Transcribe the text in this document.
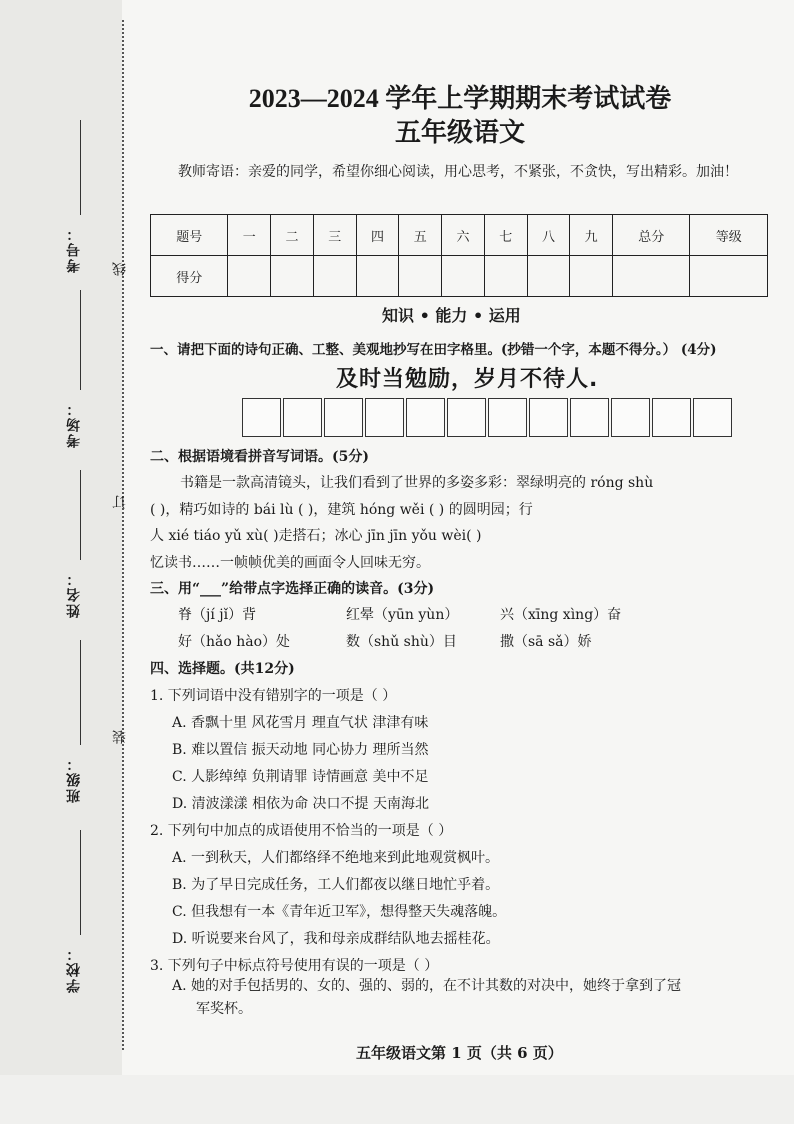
考号：
考场：
姓名：
班级：
学校：
线
订
装
2023—2024 学年上学期期末考试试卷
五年级语文
教师寄语：亲爱的同学，希望你细心阅读，用心思考，不紧张，不贪快，写出精彩。加油！
题号	一	二	三	四	五	六	七	八	九	总分	等级
得分											
知识 • 能力 • 运用
一、请把下面的诗句正确、工整、美观地抄写在田字格里。(抄错一个字，本题不得分。） (4分)
及时当勉励，岁月不待人.
二、根据语境看拼音写词语。(5分)
书籍是一款高清镜头，让我们看到了世界的多姿多彩：翠绿明亮的 róng shù
( )，精巧如诗的 bái lù ( )，建筑 hóng wěi ( ) 的圆明园；行
人 xié tiáo yǔ xù( )走搭石；冰心 jīn jīn yǒu wèi( )
忆读书……一帧帧优美的画面令人回味无穷。
三、用“___”给带点字选择正确的读音。(3分)
脊（jí jǐ）背	红晕（yūn yùn）	兴（xīng xìng）奋
好（hǎo hào）处	数（shǔ shù）目	撒（sā sǎ）娇
四、选择题。(共12分)
1. 下列词语中没有错别字的一项是（ ）
A. 香飘十里 风花雪月 理直气状 津津有味
B. 难以置信 振天动地 同心协力 理所当然
C. 人影绰绰 负荆请罪 诗情画意 美中不足
D. 清波漾漾 相依为命 决口不提 天南海北
2. 下列句中加点的成语使用不恰当的一项是（ ）
A. 一到秋天，人们都络绎不绝地来到此地观赏枫叶。
B. 为了早日完成任务，工人们都夜以继日地忙乎着。
C. 但我想有一本《青年近卫军》，想得整天失魂落魄。
D. 听说要来台风了，我和母亲成群结队地去摇桂花。
3. 下列句子中标点符号使用有误的一项是（ ）
A. 她的对手包括男的、女的、强的、弱的，在不计其数的对决中，她终于拿到了冠
军奖杯。
五年级语文第 1 页（共 6 页）
